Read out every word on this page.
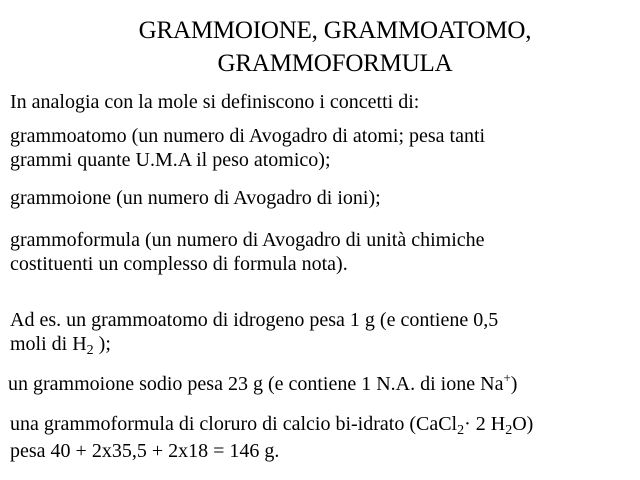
GRAMMOIONE, GRAMMOATOMO,
GRAMMOFORMULA
In analogia con la mole si definiscono i concetti di:
grammoatomo (un numero di Avogadro di atomi; pesa tanti
grammi quante U.M.A il peso atomico);
grammoione (un numero di Avogadro di ioni);
grammoformula (un numero di Avogadro di unità chimiche
costituenti un complesso di formula nota).
Ad es. un grammoatomo di idrogeno pesa 1 g (e contiene 0,5
moli di $H_2$ );
un grammoione sodio pesa 23 g (e contiene 1 N.A. di ione Na+)
una grammoformula di cloruro di calcio bi-idrato (CaCl$_2$· 2 $H_2O$)
pesa 40 + 2x35,5 + 2x18 = 146 g.
